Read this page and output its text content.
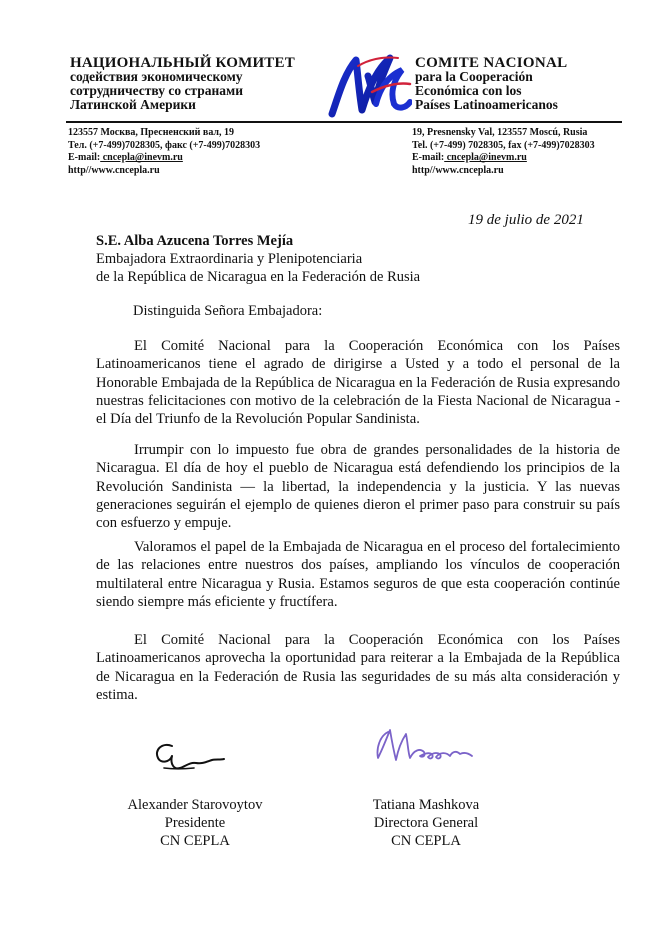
НАЦИОНАЛЬНЫЙ КОМИТЕТ
содействия экономическому
сотрудничеству со странами
Латинской Америки
COMITE NACIONAL
para la Cooperación
Económica con los
Países Latinoamericanos
123557 Москва, Пресненский вал, 19
Тел. (+7-499)7028305, факс (+7-499)7028303
E-mail: cncepla@inevm.ru
http//www.cncepla.ru
19, Presnensky Val, 123557 Moscú, Rusia
Tel. (+7-499) 7028305, fax (+7-499)7028303
E-mail: cncepla@inevm.ru
http//www.cncepla.ru
19 de julio de 2021
S.E. Alba Azucena Torres Mejía
Embajadora Extraordinaria y Plenipotenciaria
de la República de Nicaragua en la Federación de Rusia
Distinguida Señora Embajadora:

El Comité Nacional para la Cooperación Económica con los Países Latinoamericanos tiene el agrado de dirigirse a Usted y a todo el personal de la Honorable Embajada de la República de Nicaragua en la Federación de Rusia expresando nuestras felicitaciones con motivo de la celebración de la Fiesta Nacional de Nicaragua - el Día del Triunfo de la Revolución Popular Sandinista.

Irrumpir con lo impuesto fue obra de grandes personalidades de la historia de Nicaragua. El día de hoy el pueblo de Nicaragua está defendiendo los principios de la Revolución Sandinista — la libertad, la independencia y la justicia. Y las nuevas generaciones seguirán el ejemplo de quienes dieron el primer paso para construir su país con esfuerzo y empuje.

Valoramos el papel de la Embajada de Nicaragua en el proceso del fortalecimiento de las relaciones entre nuestros dos países, ampliando los vínculos de cooperación multilateral entre Nicaragua y Rusia. Estamos seguros de que esta cooperación continúe siendo siempre más eficiente y fructífera.

El Comité Nacional para la Cooperación Económica con los Países Latinoamericanos aprovecha la oportunidad para reiterar a la Embajada de la República de Nicaragua en la Federación de Rusia las seguridades de su más alta consideración y estima.

Alexander Starovoytov
Presidente
CN CEPLA
Tatiana Mashkova
Directora General
CN CEPLA
